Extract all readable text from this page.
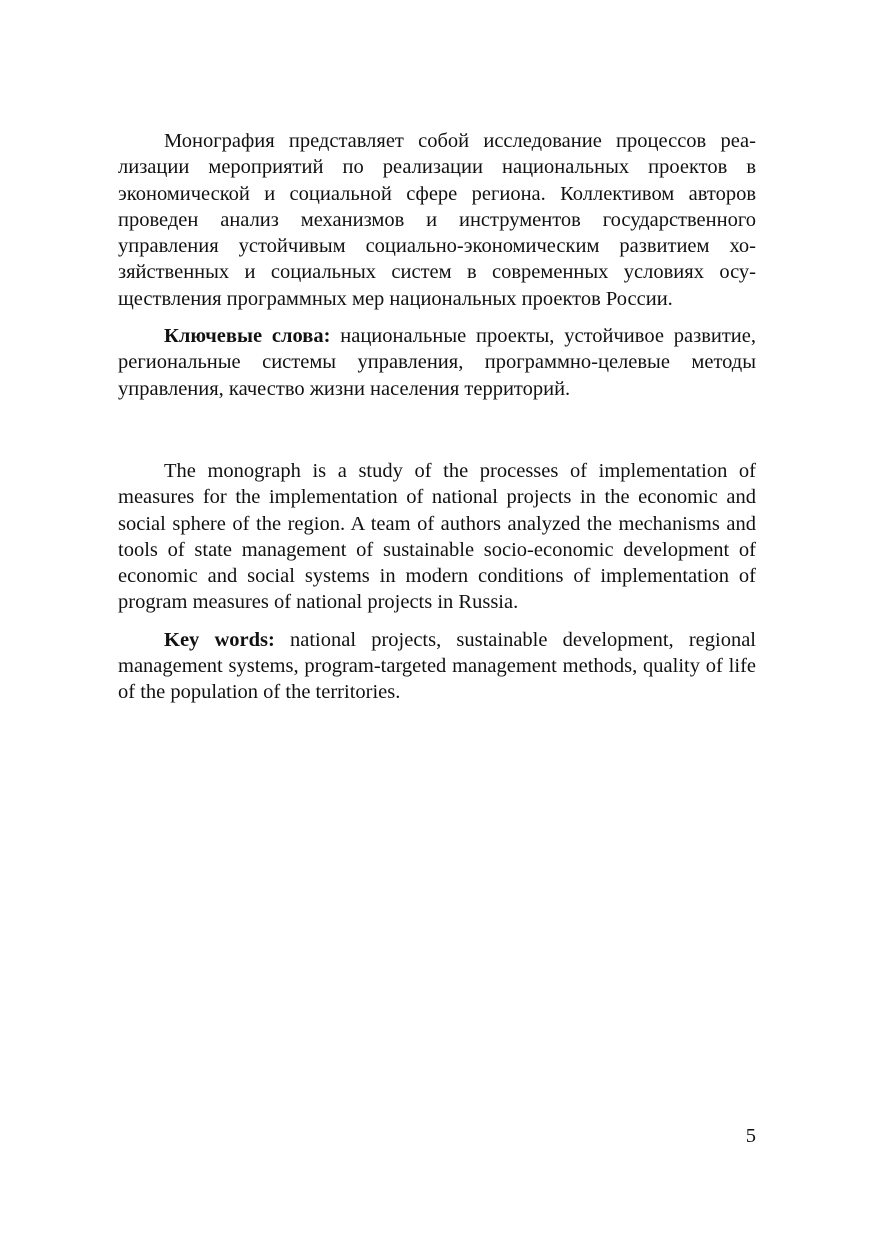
Монография представляет собой исследование процессов реализации мероприятий по реализации национальных проектов в экономической и социальной сфере региона. Коллективом авторов проведен анализ механизмов и инструментов государственного управления устойчивым социально-экономическим развитием хозяйственных и социальных систем в современных условиях осуществления программных мер национальных проектов России.

Ключевые слова: национальные проекты, устойчивое развитие, региональные системы управления, программно-целевые методы управления, качество жизни населения территорий.

The monograph is a study of the processes of implementation of measures for the implementation of national projects in the economic and social sphere of the region. A team of authors analyzed the mechanisms and tools of state management of sustainable socio-economic development of economic and social systems in modern conditions of implementation of program measures of national projects in Russia.

Key words: national projects, sustainable development, regional management systems, program-targeted management methods, quality of life of the population of the territories.

5
